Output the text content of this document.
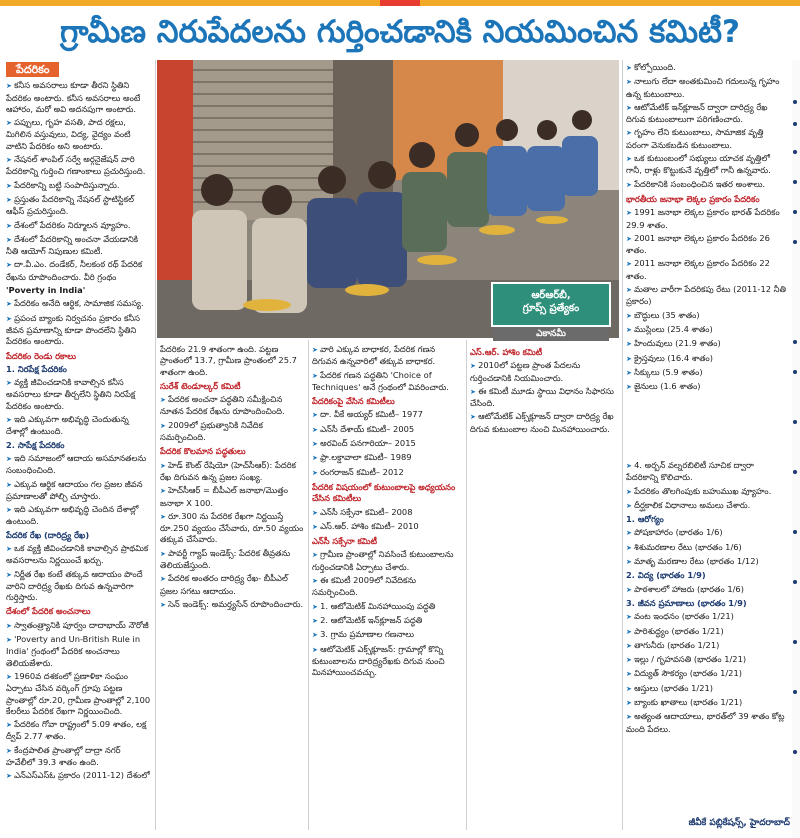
గ్రామీణ నిరుపేదలను గుర్తించడానికి నియమించిన కమిటీ?
పేదరికం

➤ కనీస అవసరాలు కూడా తీరని స్థితిని పేదరికం అంటారు. కనీస అవసరాలు అంటే ఆహారం, మరో అవి అదనపుగా అంటారు.

➤ పప్పులు, గృహ వసతి, పాద రక్షలు, మిగిలిన వస్తువులు, విద్య, వైద్యం వంటి వాటిని పేదరికం అని అంటారు.

➤ నేషనల్ శాంపిల్ సర్వే అర్గనైజేషన్ వారి పేదరికాన్ని గుర్తించి గణాంకాలు ప్రచురిస్తుంది.

➤ పేదరికాన్ని బట్టి సంపాదిస్తున్నారు.

➤ ప్రస్తుతం పేదరికాన్ని నేషనల్ స్టాటిస్టికల్ ఆఫీస్ ప్రచురిస్తుంది.

➤ దేశంలో పేదరికం నిర్మూలన వ్యూహం.

➤ దేశంలో పేదరికాన్ని అంచనా వేయడానికి నీతి ఆయోగ్ నిపుణుల కమిటీ.

➤ దా.వీ.ఎం. దండేకర్, నీలకంఠ రథ్ పేదరిక రేఖను రూపొందించారు. వీరి గ్రంథం

'Poverty in India'

➤ పేదరికం అనేది ఆర్థిక, సామాజిక సమస్య.

➤ ప్రపంచ బ్యాంకు నిర్వచనం ప్రకారం కనీస జీవన ప్రమాణాన్ని కూడా పొందలేని స్థితిని పేదరికం అంటారు.

పేదరికం రెండు రకాలు

1. నిరపేక్ష పేదరికం

➤ వ్యక్తి జీవించడానికి కావాల్సిన కనీస అవసరాలు కూడా తీర్చలేని స్థితిని నిరపేక్ష పేదరికం అంటారు.

➤ ఇది ఎక్కువగా అభివృద్ధి చెందుతున్న దేశాల్లో ఉంటుంది.

2. సాపేక్ష పేదరికం

➤ ఇది సమాజంలో ఆదాయ అసమానతలను సంబంధించింది.

➤ ఎక్కువ ఆర్థిక ఆదాయం గల ప్రజల జీవన ప్రమాణాలతో పోల్చి చూస్తారు.

➤ ఇది ఎక్కువగా అభివృద్ధి చెందిన దేశాల్లో ఉంటుంది.

పేదరిక రేఖ (దారిద్ర్య రేఖ)

➤ ఒక వ్యక్తి జీవించడానికి కావాల్సిన ప్రాథమిక అవసరాలను నిర్ణయించే ఖర్చు.

➤ నిర్ణీత రేఖ కంటే తక్కువ ఆదాయం పొందే వారిని దారిద్ర్య రేఖకు దిగువ ఉన్నవారిగా గుర్తిస్తారు.

దేశంలో పేదరిక అంచనాలు

➤ స్వాతంత్ర్యానికి పూర్వం దాదాభాయ్ నౌరోజీ

➤ 'Poverty and Un-British Rule in India' గ్రంథంలో పేదరిక అంచనాలు తెలియజేశారు.

➤ 1960వ దశకంలో ప్రణాళికా సంఘం ఏర్పాటు చేసిన వర్కింగ్ గ్రూపు పట్టణ ప్రాంతాల్లో రూ.20, గ్రామీణ ప్రాంతాల్లో 2,100 కేలరీలు పేదరిక రేఖగా నిర్ణయించింది.

➤ పేదరికం గోవా రాష్ట్రంలో 5.09 శాతం, లక్ష ద్వీప్ 2.77 శాతం.

➤ కేంద్రపాలిత ప్రాంతాల్లో దాద్రా నగర్ హవేలీలో 39.3 శాతం ఉంది.

➤ ఎన్ఎస్ఎస్ఓ ప్రకారం (2011-12) దేశంలో

ఆర్‌ఆర్‌బీ,
గ్రూప్స్ ప్రత్యేకం
ఎకానమీ

పేదరికం 21.9 శాతంగా ఉంది. పట్టణ ప్రాంతంలో 13.7, గ్రామీణ ప్రాంతంలో 25.7 శాతంగా ఉంది.

సురేశ్ టెండూల్కర్ కమిటీ

➤ పేదరిక అంచనా పద్ధతిని సమీక్షించిన నూతన పేదరిక రేఖను రూపొందించింది.

➤ 2009లో ప్రభుత్వానికి నివేదిక సమర్పించింది.

పేదరిక కొలమాన పద్ధతులు

➤ హెడ్ కౌంట్ రేషియో (హెచ్‌సీఆర్): పేదరిక రేఖ దిగువన ఉన్న ప్రజల సంఖ్య.

➤ హెచ్‌సీఆర్ = బీపీఎల్ జనాభా/మొత్తం జనాభా X 100.

➤ రూ.300 ను పేదరిక రేఖగా నిర్ణయిస్తే రూ.250 వ్యయం చేసేవారు, రూ.50 వ్యయం తక్కువ చేసేవారు.

➤ పావర్టీ గ్యాప్ ఇండెక్స్: పేదరిక తీవ్రతను తెలియజేస్తుంది.

➤ పేదరిక అంతరం దారిద్ర్య రేఖ- బీపీఎల్ ప్రజల సగటు ఆదాయం.

➤ సెన్ ఇండెక్స్: అమర్త్యసేన్ రూపొందించారు.

➤ వారి ఎక్కువ బాధాకర, పేదరిక గణన దిగువన ఉన్నవారిలో తక్కువ బాధాకర.

➤ పేదరిక గణన పద్ధతిని 'Choice of Techniques' అనే గ్రంథంలో వివరించారు.

పేదరికంపై వేసిన కమిటీలు

➤ దా. వీకే అయ్యర్ కమిటీ– 1977

➤ ఎన్‌సీ దేశాయ్ కమిటీ– 2005

➤ అరవింద్ పనగారియా– 2015

➤ ఫ్రా.లక్డావాలా కమిటీ– 1989

➤ రంగరాజన్ కమిటీ– 2012

పేదరిక విషయంలో కుటుంబాలపై అధ్యయనం చేసిన కమిటీలు

➤ ఎన్‌సీ సక్సేనా కమిటీ– 2008

➤ ఎస్.ఆర్. హాశిం కమిటీ– 2010

ఎన్‌సీ సక్సేనా కమిటీ

➤ గ్రామీణ ప్రాంతాల్లో నివసించే కుటుంబాలను గుర్తించడానికి ఏర్పాటు చేశారు.

➤ ఈ కమిటీ 2009లో నివేదికను సమర్పించింది.

➤ 1. ఆటోమెటిక్ మినహాయింపు పద్ధతి

➤ 2. ఆటోమెటిక్ ఇన్‌క్లూజన్ పద్ధతి

➤ 3. గ్రామ ప్రమాణాల గణనాలు

➤ ఆటోమెటిక్ ఎక్స్‌క్లూజన్: గ్రామాల్లో కొన్ని కుటుంబాలను దారిద్ర్యరేఖకు దిగువ నుంచి మినహాయించవచ్చు.

➤ కోల్పోయింది.

➤ నాలుగు లేదా అంతకుమించి గదులున్న గృహం ఉన్న కుటుంబాలు.

➤ ఆటోమేటిక్ ఇన్‌క్లూజన్ ద్వారా దారిద్ర్య రేఖ దిగువ కుటుంబాలుగా పరిగణించారు.

➤ గృహం లేని కుటుంబాలు, సామాజిక వృత్తి పరంగా వెనుకబడిన కుటుంబాలు.

➤ ఒక కుటుంబంలో సభ్యులు యాచక వృత్తిలో గానీ, రాళ్లు కొట్టుకునే వృత్తిలో గానీ ఉన్నవారు.

➤ పేదరికానికి సంబంధించిన ఇతర అంశాలు.

భారతీయ జనాభా లెక్కల ప్రకారం పేదరికం

➤ 1991 జనాభా లెక్కల ప్రకారం భారత్ పేదరికం 29.9 శాతం.

➤ 2001 జనాభా లెక్కల ప్రకారం పేదరికం 26 శాతం.

➤ 2011 జనాభా లెక్కల ప్రకారం పేదరికం 22 శాతం.

➤ మతాల వారీగా పేదరికపు రేటు (2011-12 నీతి ప్రకారం)

➤ బౌద్ధులు (35 శాతం)

➤ ముస్లింలు (25.4 శాతం)

➤ హిందువులు (21.9 శాతం)

➤ క్రైస్తవులు (16.4 శాతం)

➤ సిక్కులు (5.9 శాతం)

➤ జైనులు (1.6 శాతం)

ఎస్.ఆర్. హాశిం కమిటీ

➤ 2010లో పట్టణ ప్రాంత పేదలను గుర్తించడానికి నియమించారు.

➤ ఈ కమిటీ మూడు స్థాయి విధానం సిఫారసు చేసింది.

➤ ఆటోమేటిక్ ఎక్స్‌క్లూజన్ ద్వారా దారిద్ర్య రేఖ దిగువ కుటుంబాల నుంచి మినహాయించారు.

➤ 4. అర్బన్ వల్నరబిలిటీ సూచిక ద్వారా పేదరికాన్ని కొలిచారు.

➤ పేదరికం తొలగింపుకు బహుముఖ వ్యూహం.

➤ దీర్ఘకాలిక విధానాలు అమలు చేశారు.

1. ఆరోగ్యం

➤ పోషకాహారం (భారతం 1/6)

➤ శిశుమరణాల రేటు (భారతం 1/6)

➤ మాతృ మరణాల రేటు (భారతం 1/12)

2. విద్య (భారతం 1/9)

➤ పాఠశాలలో హాజరు (భారతం 1/6)

3. జీవన ప్రమాణాలు (భారతం 1/9)

➤ వంట ఇంధనం (భారతం 1/21)

➤ పారిశుద్ధ్యం (భారతం 1/21)

➤ తాగునీరు (భారతం 1/21)

➤ ఇల్లు / గృహవసతి (భారతం 1/21)

➤ విద్యుత్ సౌకర్యం (భారతం 1/21)

➤ ఆస్తులు (భారతం 1/21)

➤ బ్యాంకు ఖాతాలు (భారతం 1/21)

➤ అత్యంత ఆదాయాలు, భారత్‌లో 39 శాతం కోట్ల మంది పేదలు.

జీవీకే పబ్లికేషన్స్, హైదరాబాద్
